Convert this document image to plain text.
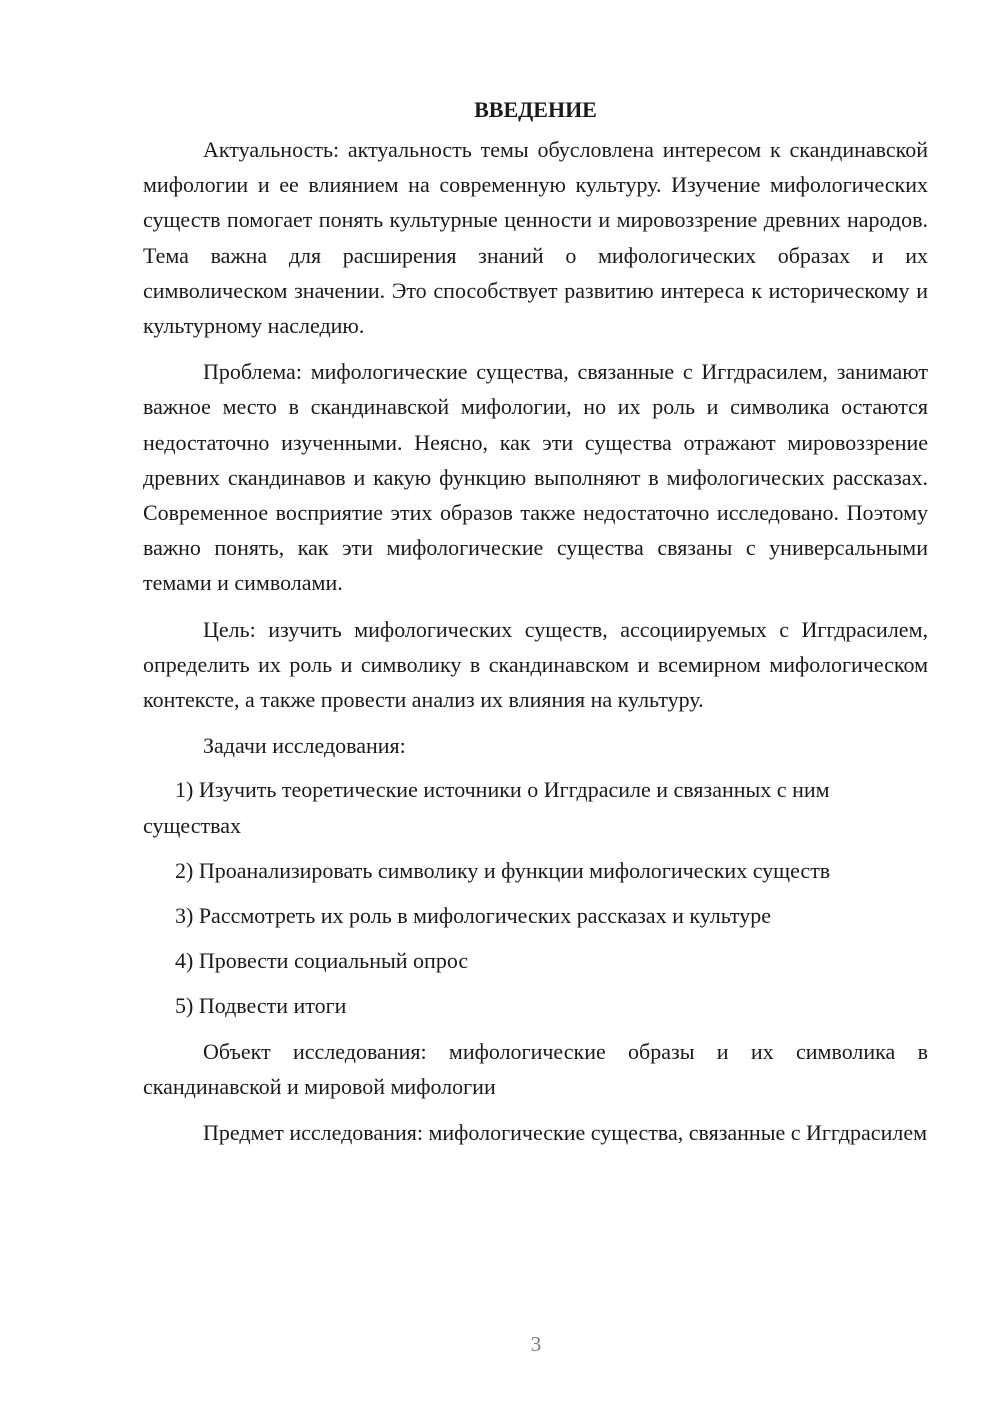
ВВЕДЕНИЕ

Актуальность: актуальность темы обусловлена интересом к скандинавской мифологии и ее влиянием на современную культуру. Изучение мифологических существ помогает понять культурные ценности и мировоззрение древних народов. Тема важна для расширения знаний о мифологических образах и их символическом значении. Это способствует развитию интереса к историческому и культурному наследию.

Проблема: мифологические существа, связанные с Иггдрасилем, занимают важное место в скандинавской мифологии, но их роль и символика остаются недостаточно изученными. Неясно, как эти существа отражают мировоззрение древних скандинавов и какую функцию выполняют в мифологических рассказах. Современное восприятие этих образов также недостаточно исследовано. Поэтому важно понять, как эти мифологические существа связаны с универсальными темами и символами.

Цель: изучить мифологических существ, ассоциируемых с Иггдрасилем, определить их роль и символику в скандинавском и всемирном мифологическом контексте, а также провести анализ их влияния на культуру.

Задачи исследования:

1) Изучить теоретические источники о Иггдрасиле и связанных с ним существах

2) Проанализировать символику и функции мифологических существ

3) Рассмотреть их роль в мифологических рассказах и культуре

4) Провести социальный опрос

5) Подвести итоги

Объект исследования: мифологические образы и их символика в скандинавской и мировой мифологии

Предмет исследования: мифологические существа, связанные с Иггдрасилем

3
